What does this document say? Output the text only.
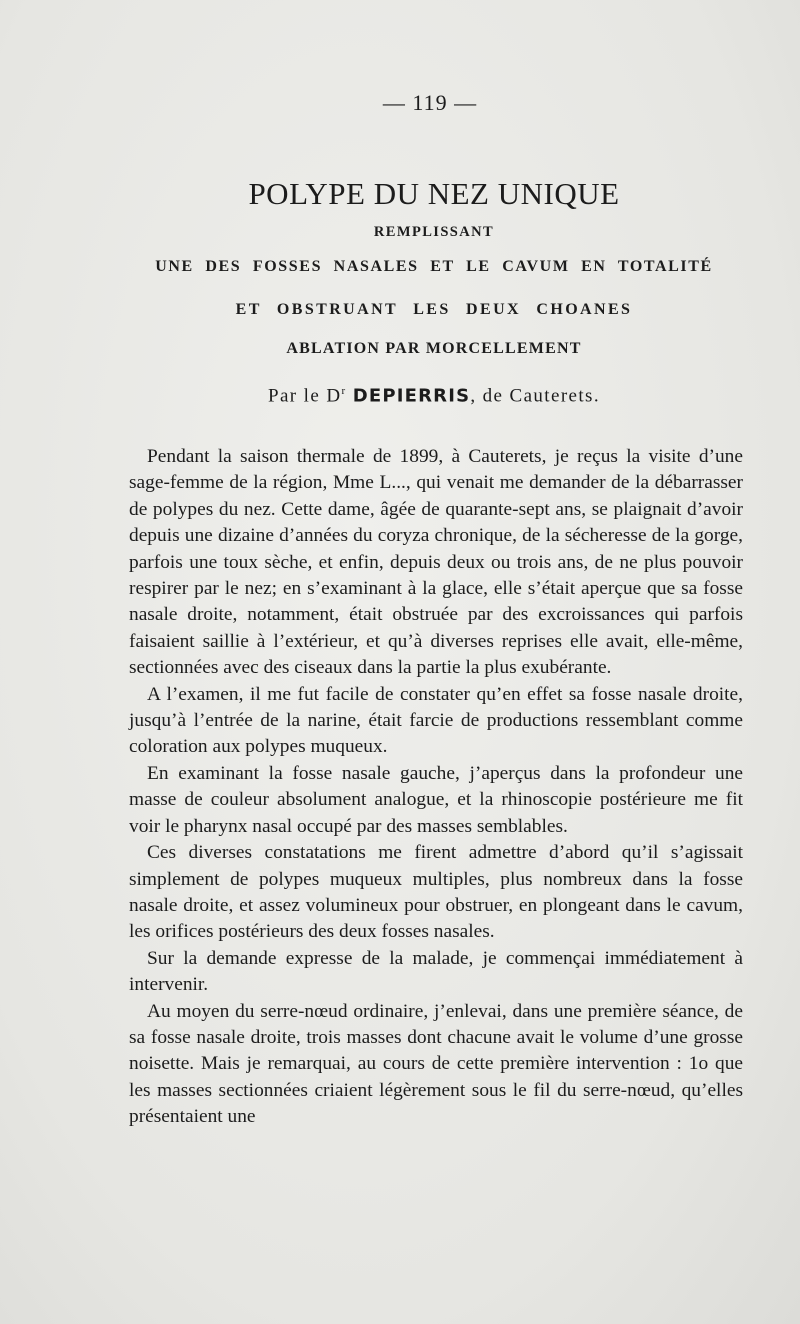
— 119 —
POLYPE DU NEZ UNIQUE
REMPLISSANT
UNE DES FOSSES NASALES ET LE CAVUM EN TOTALITÉ
ET OBSTRUANT LES DEUX CHOANES
ABLATION PAR MORCELLEMENT
Par le $D^r$ DEPIERRIS, de Cauterets.

Pendant la saison thermale de 1899, à Cauterets, je reçus la visite d’une sage-femme de la région, Mme L..., qui venait me demander de la débarrasser de polypes du nez. Cette dame, âgée de quarante-sept ans, se plaignait d’avoir depuis une dizaine d’années du coryza chronique, de la sécheresse de la gorge, parfois une toux sèche, et enfin, depuis deux ou trois ans, de ne plus pouvoir respirer par le nez; en s’examinant à la glace, elle s’était aperçue que sa fosse nasale droite, notamment, était obstruée par des excroissances qui parfois faisaient saillie à l’extérieur, et qu’à diverses reprises elle avait, elle-même, sectionnées avec des ciseaux dans la partie la plus exubérante.

A l’examen, il me fut facile de constater qu’en effet sa fosse nasale droite, jusqu’à l’entrée de la narine, était farcie de productions ressemblant comme coloration aux polypes muqueux.

En examinant la fosse nasale gauche, j’aperçus dans la profondeur une masse de couleur absolument analogue, et la rhinoscopie postérieure me fit voir le pharynx nasal occupé par des masses semblables.

Ces diverses constatations me firent admettre d’abord qu’il s’agissait simplement de polypes muqueux multiples, plus nombreux dans la fosse nasale droite, et assez volumineux pour obstruer, en plongeant dans le cavum, les orifices postérieurs des deux fosses nasales.

Sur la demande expresse de la malade, je commençai immédiatement à intervenir.

Au moyen du serre-nœud ordinaire, j’enlevai, dans une première séance, de sa fosse nasale droite, trois masses dont chacune avait le volume d’une grosse noisette. Mais je remarquai, au cours de cette première intervention : 1o que les masses sectionnées criaient légèrement sous le fil du serre-nœud, qu’elles présentaient une
